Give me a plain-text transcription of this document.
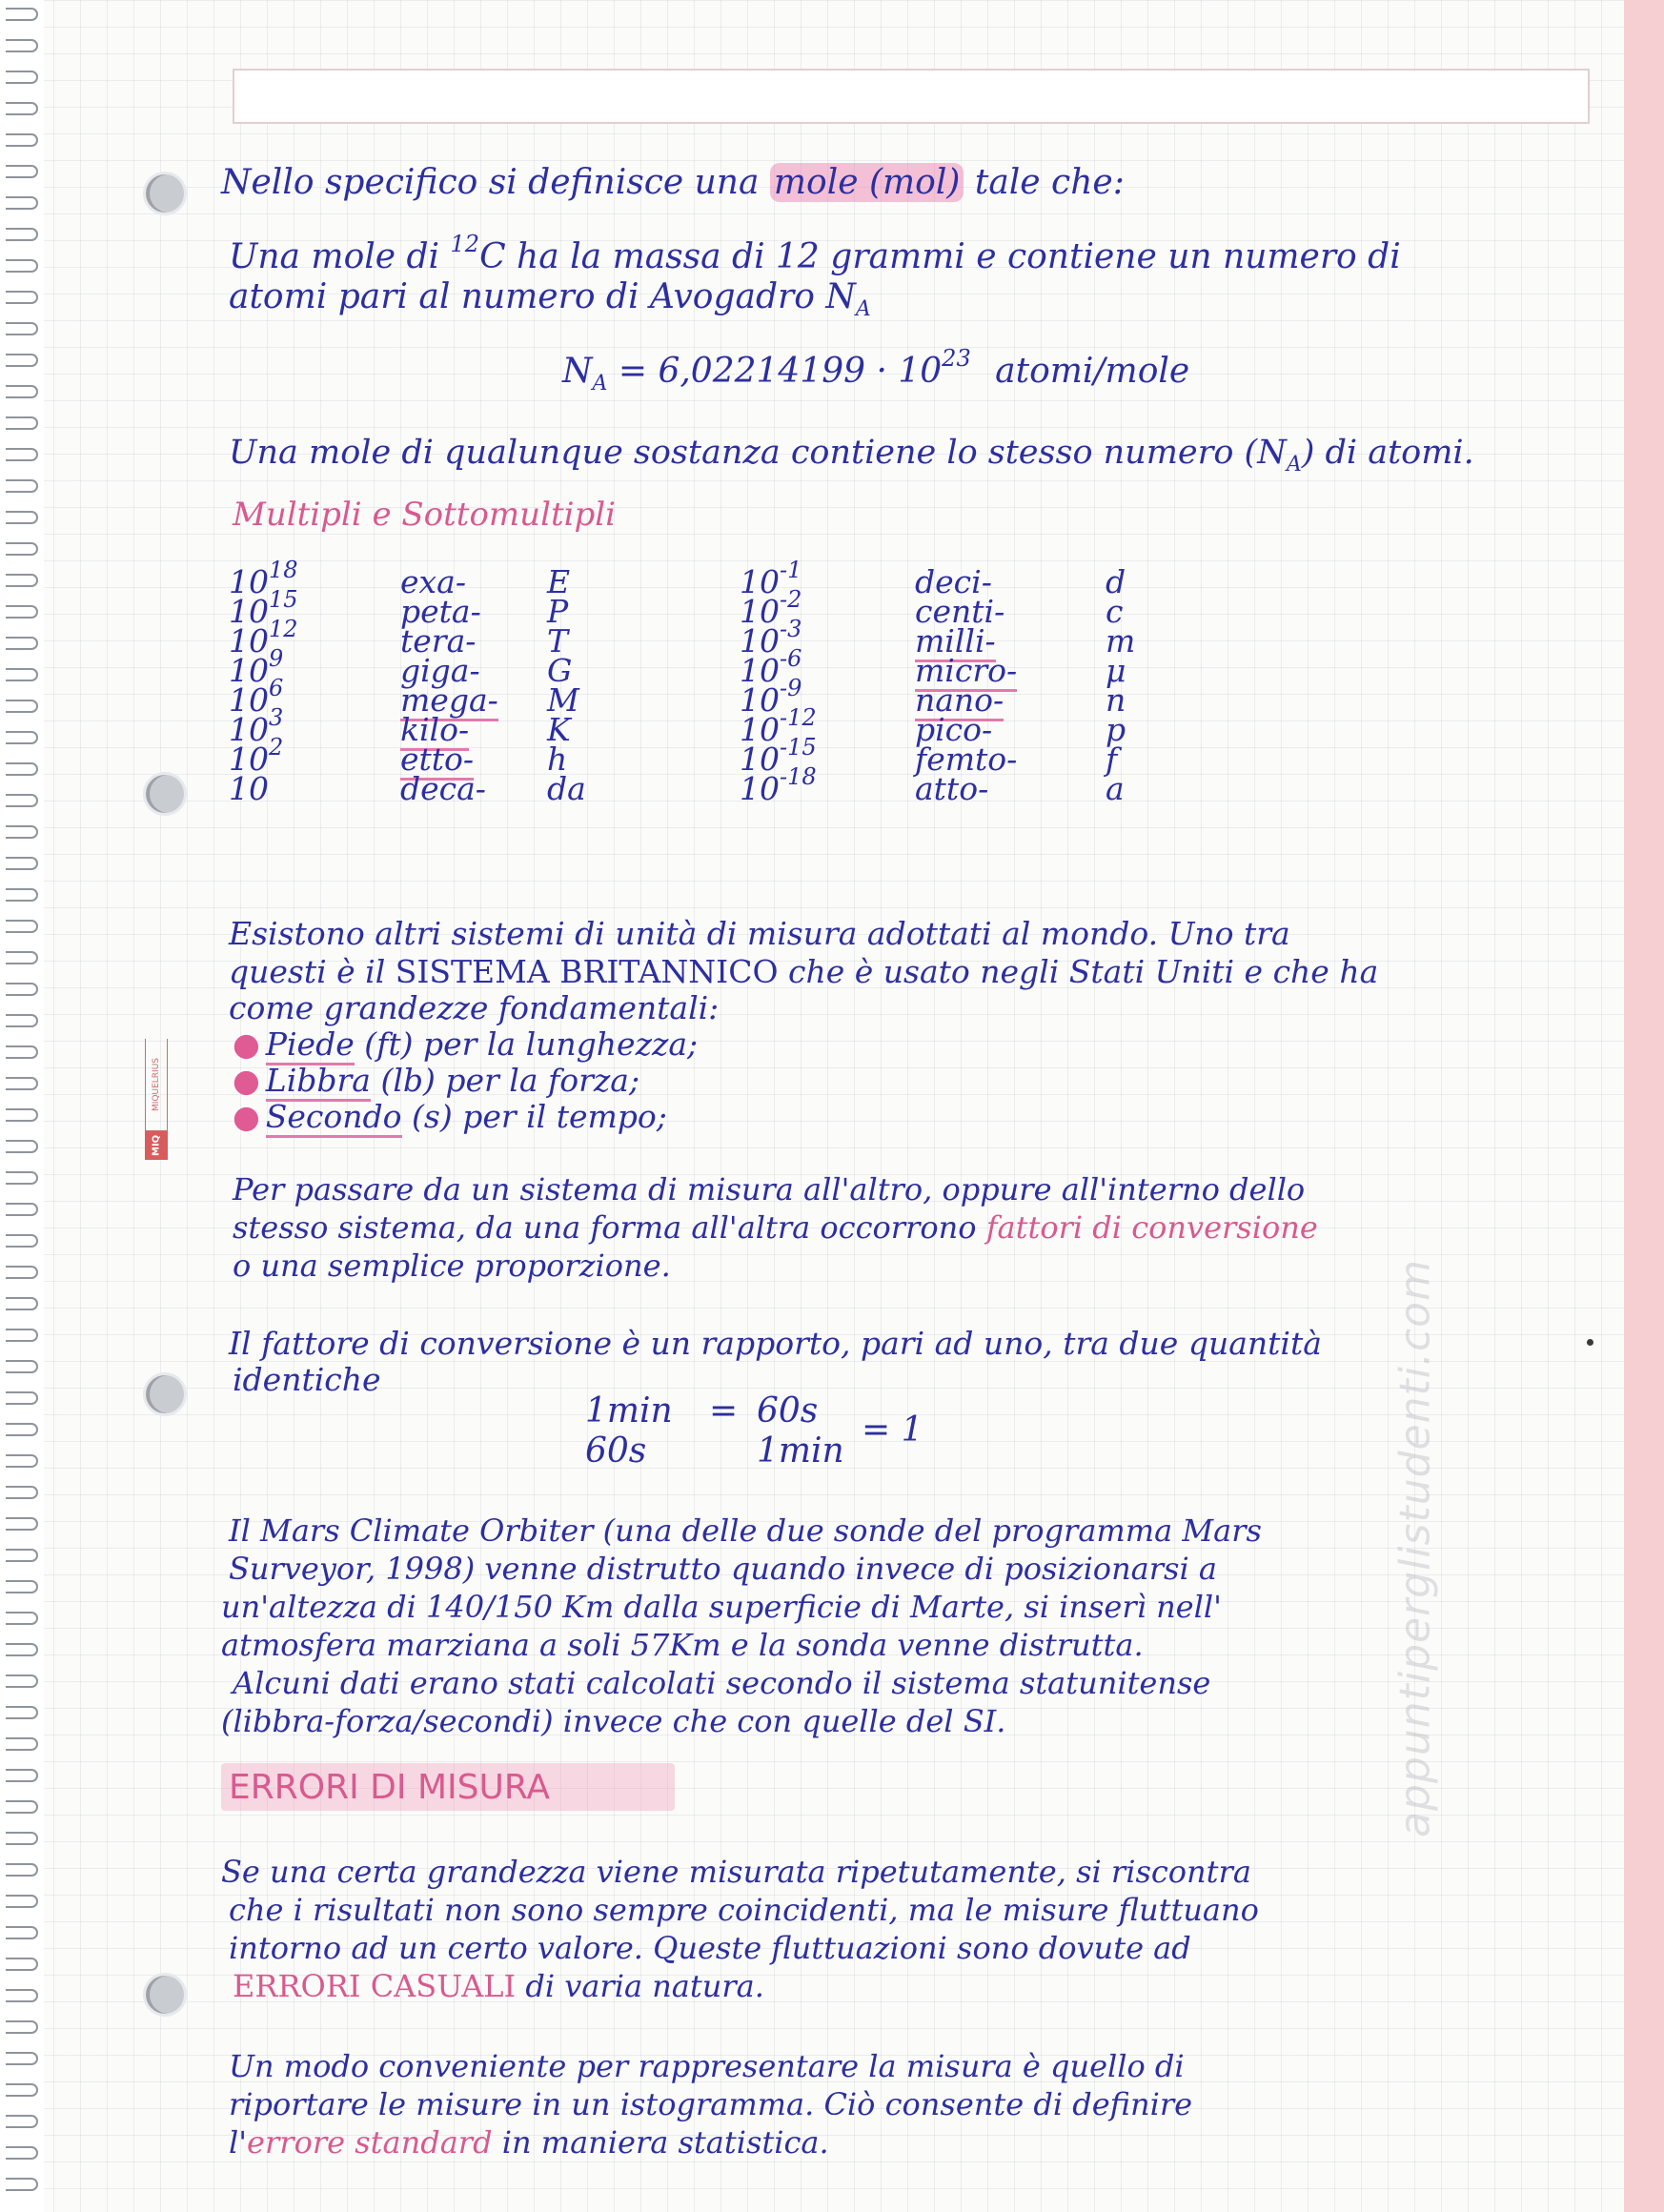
MIQUELRIUS
MIQ
appuntiperglistudenti.com
Nello specifico si definisce una mole (mol) tale che:
Una mole di $^{12}$C ha la massa di 12 grammi e contiene un numero di
atomi pari al numero di Avogadro $N_A$
$N_A = 6,02214199 \cdot 10^{23}$ atomi/mole
Una mole di qualunque sostanza contiene lo stesso numero $(N_A)$ di atomi.
Multipli e Sottomultipli
$10^{18}$
$10^{15}$
$10^{12}$
$10^9$
$10^6$
$10^3$
$10^2$
10
exa-
peta-
tera-
giga-
mega-
kilo-
etto-
deca-
E
P
T
G
M
K
h
da
$10^{-1}$
$10^{-2}$
$10^{-3}$
$10^{-6}$
$10^{-9}$
$10^{-12}$
$10^{-15}$
$10^{-18}$
deci-
centi-
milli-
micro-
nano-
pico-
femto-
atto-
d
c
m
μ
n
p
f
a
Esistono altri sistemi di unità di misura adottati al mondo. Uno tra
questi è il SISTEMA BRITANNICO che è usato negli Stati Uniti e che ha
come grandezze fondamentali:
● Piede (ft) per la lunghezza;
● Libbra (lb) per la forza;
● Secondo (s) per il tempo;
Per passare da un sistema di misura all'altro, oppure all'interno dello
stesso sistema, da una forma all'altra occorrono fattori di conversione
o una semplice proporzione.
Il fattore di conversione è un rapporto, pari ad uno, tra due quantità
identiche
1min = 60s = 1
60s	1min
Il Mars Climate Orbiter (una delle due sonde del programma Mars
Surveyor, 1998) venne distrutto quando invece di posizionarsi a
un'altezza di 140/150 Km dalla superficie di Marte, si inserì nell'
atmosfera marziana a soli 57Km e la sonda venne distrutta.
Alcuni dati erano stati calcolati secondo il sistema statunitense
(libbra-forza/secondi) invece che con quelle del SI.
ERRORI DI MISURA
Se una certa grandezza viene misurata ripetutamente, si riscontra
che i risultati non sono sempre coincidenti, ma le misure fluttuano
intorno ad un certo valore. Queste fluttuazioni sono dovute ad
ERRORI CASUALI di varia natura.
Un modo conveniente per rappresentare la misura è quello di
riportare le misure in un istogramma. Ciò consente di definire
l'errore standard in maniera statistica.
